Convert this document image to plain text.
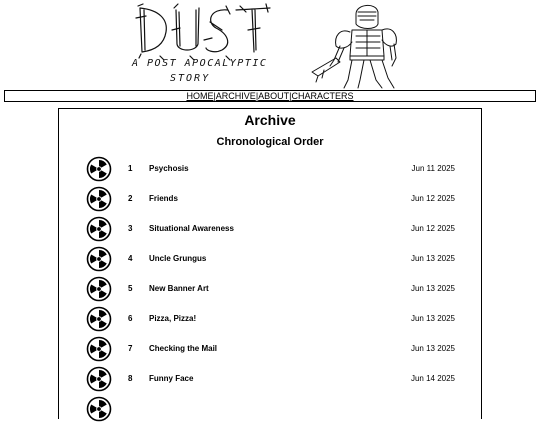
A POST APOCALYPTIC
STORY
HOME|ARCHIVE|ABOUT|CHARACTERS
Archive
Chronological Order
1 Psychosis	Jun 11 2025
2 Friends	Jun 12 2025
3 Situational Awareness	Jun 12 2025
4 Uncle Grungus	Jun 13 2025
5 New Banner Art	Jun 13 2025
6 Pizza, Pizza!	Jun 13 2025
7 Checking the Mail	Jun 13 2025
8 Funny Face	Jun 14 2025
